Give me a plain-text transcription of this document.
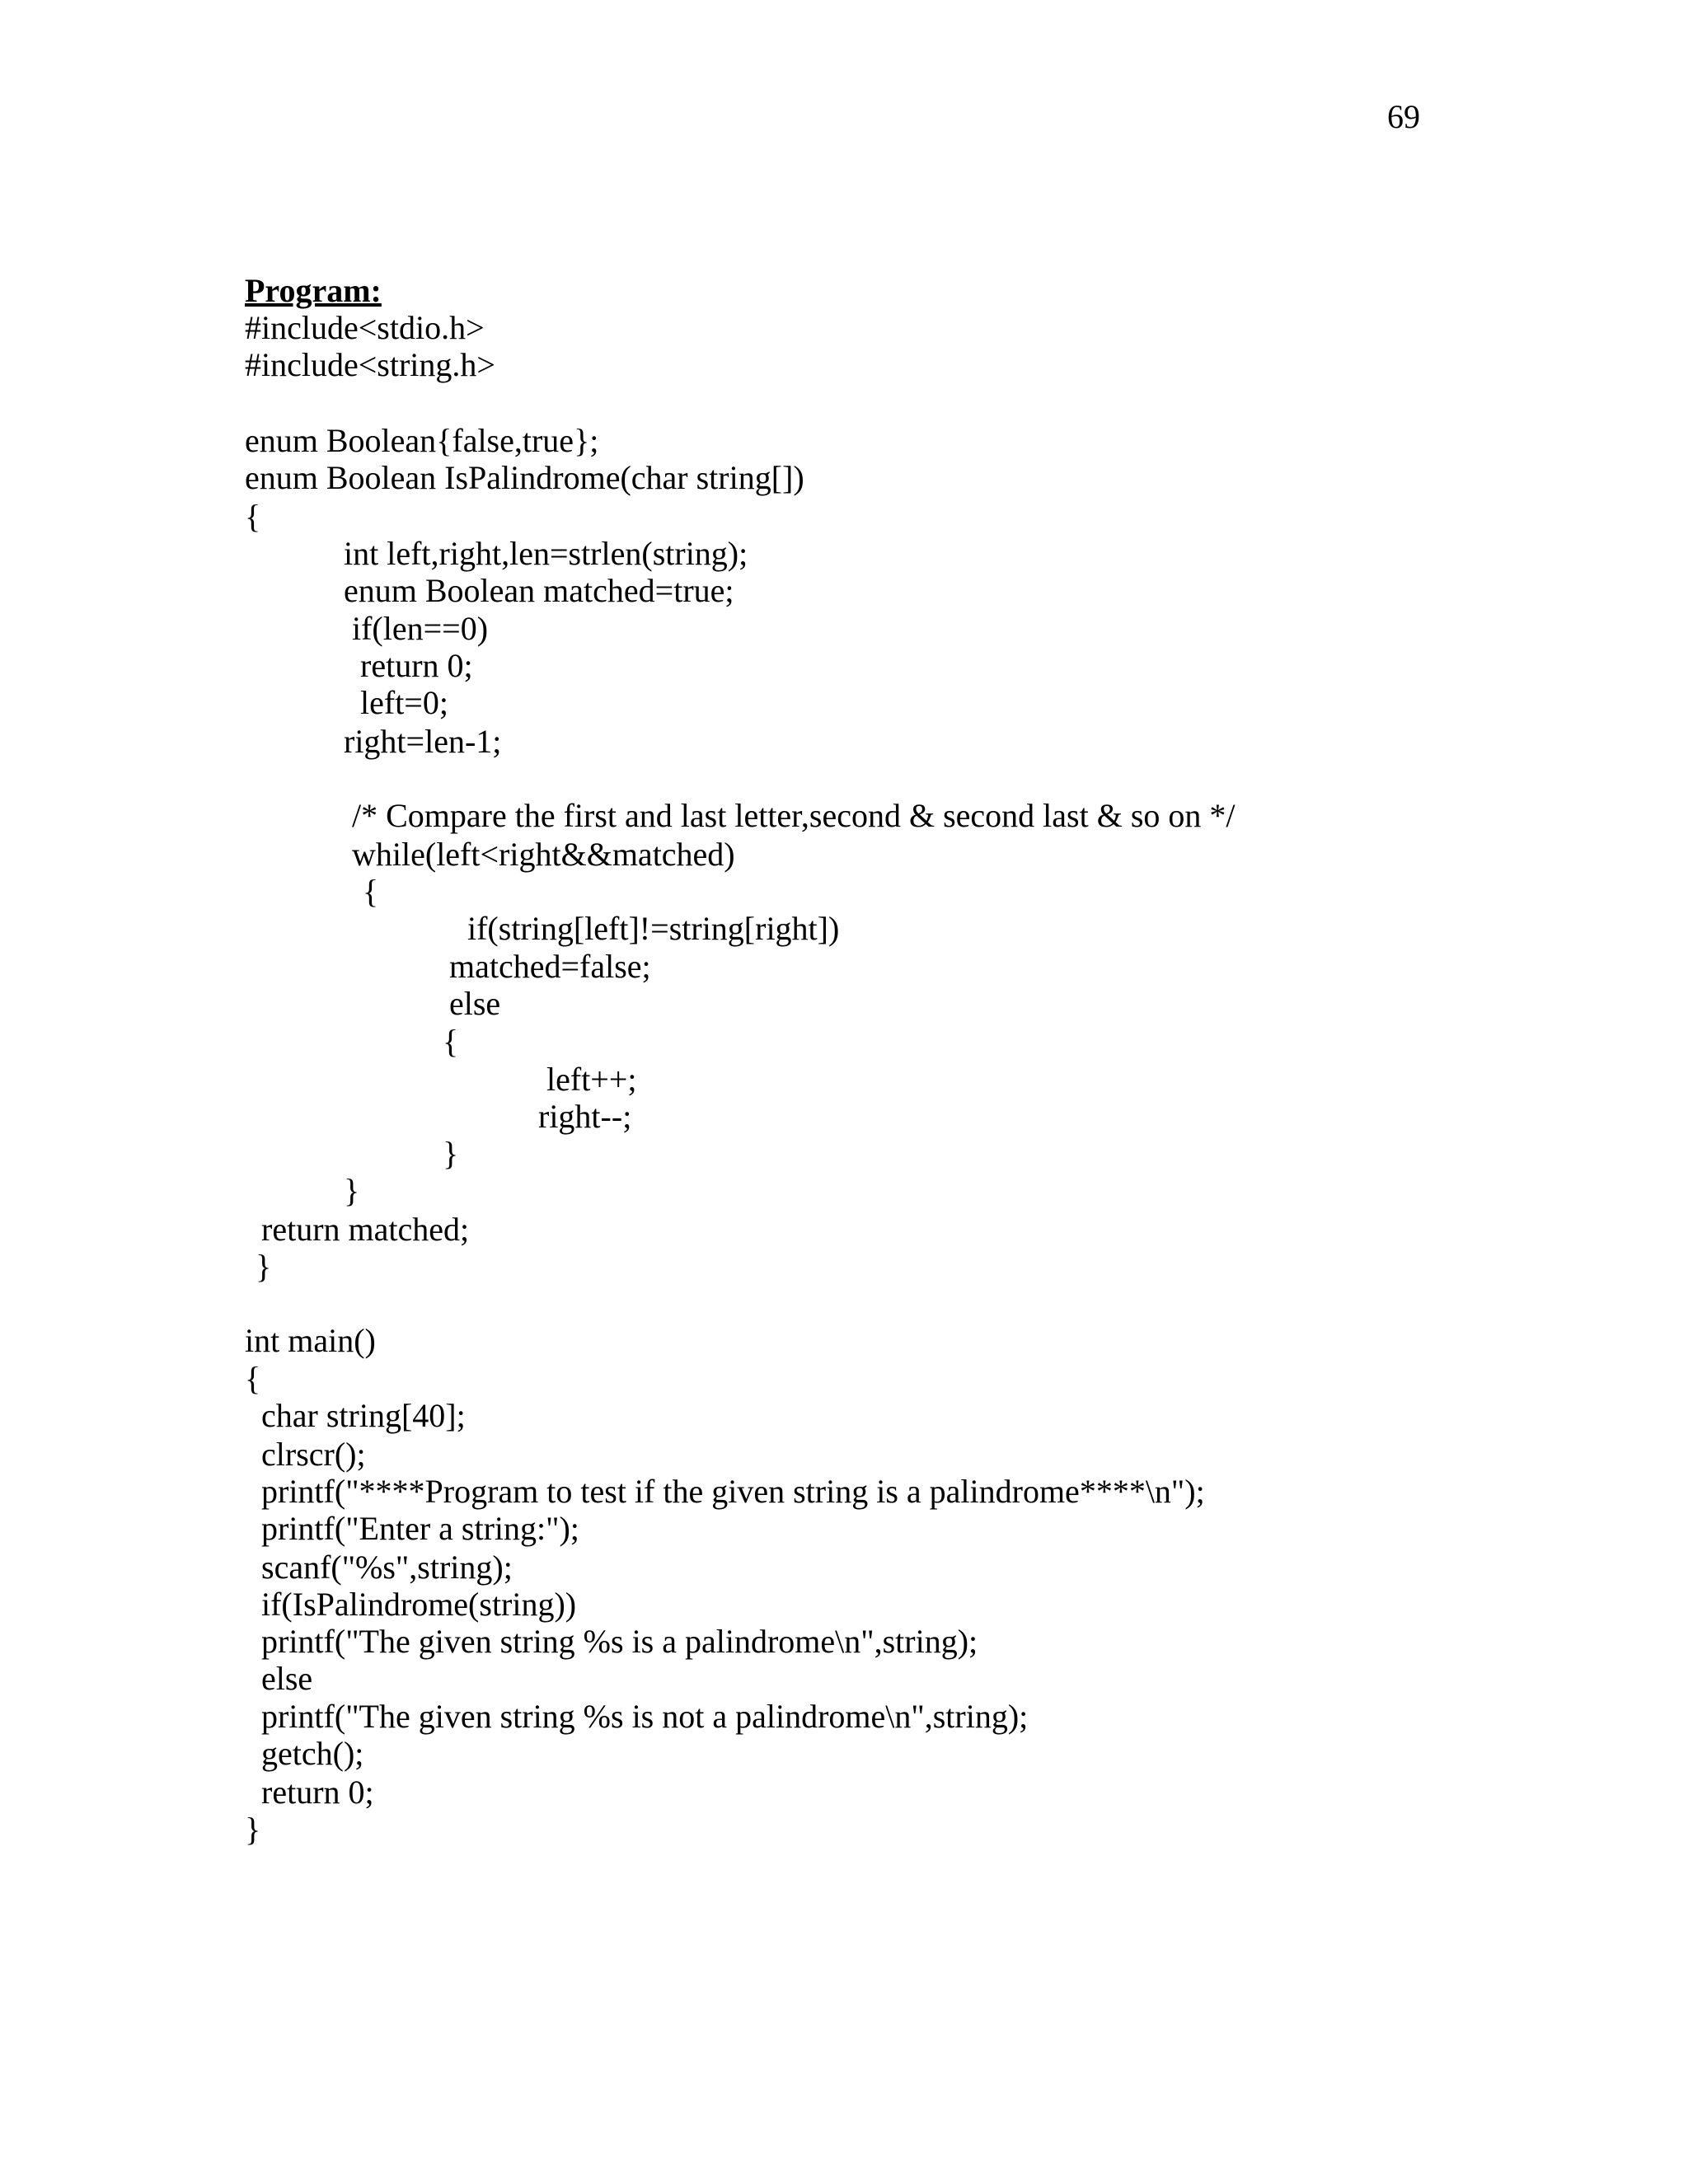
69
Program:
#include<stdio.h>
#include<string.h>
enum Boolean{false,true};
enum Boolean IsPalindrome(char string[])
{
int left,right,len=strlen(string);
enum Boolean matched=true;
if(len==0)
return 0;
left=0;
right=len-1;
/* Compare the first and last letter,second & second last & so on */
while(left<right&&matched)
{
if(string[left]!=string[right])
matched=false;
else
{
left++;
right--;
}
}
return matched;
}
int main()
{
char string[40];
clrscr();
printf("****Program to test if the given string is a palindrome****\n");
printf("Enter a string:");
scanf("%s",string);
if(IsPalindrome(string))
printf("The given string %s is a palindrome\n",string);
else
printf("The given string %s is not a palindrome\n",string);
getch();
return 0;
}
